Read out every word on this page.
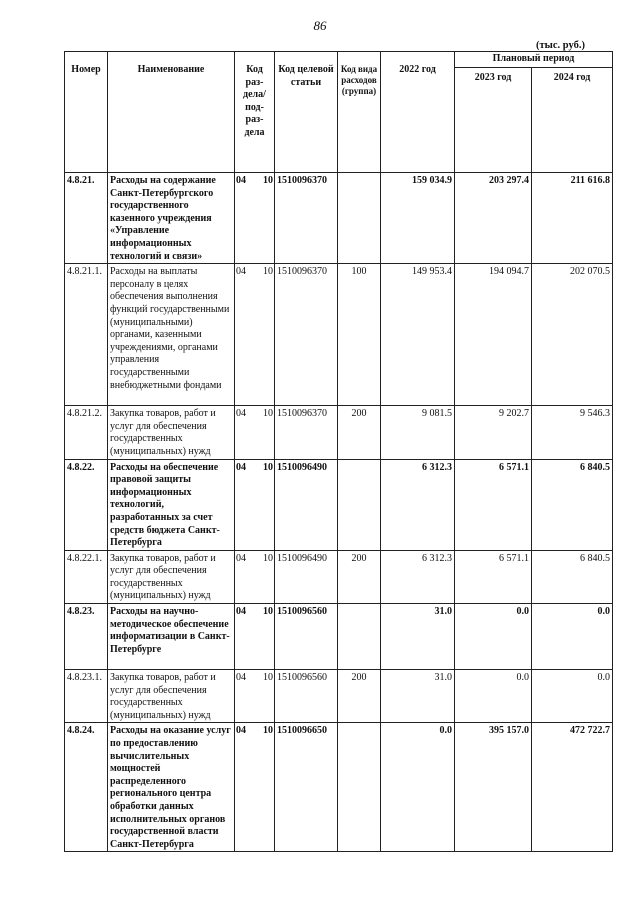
86
(тыс. руб.)
Номер	Наименование	Код раз-дела/ под-раз-дела	Код целевой статьи	Код вида расходов (группа)	2022 год	Плановый период	
						2023 год	2024 год
4.8.21.	Расходы на содержание Санкт-Петербургского государственного казенного учреждения «Управление информационных технологий и связи»	04 10	1510096370		159 034.9	203 297.4	211 616.8
4.8.21.1.	Расходы на выплаты персоналу в целях обеспечения выполнения функций государственными (муниципальными) органами, казенными учреждениями, органами управления государственными внебюджетными фондами	04 10	1510096370	100	149 953.4	194 094.7	202 070.5
4.8.21.2.	Закупка товаров, работ и услуг для обеспечения государственных (муниципальных) нужд	04 10	1510096370	200	9 081.5	9 202.7	9 546.3
4.8.22.	Расходы на обеспечение правовой защиты информационных технологий, разработанных за счет средств бюджета Санкт-Петербурга	04 10	1510096490		6 312.3	6 571.1	6 840.5
4.8.22.1.	Закупка товаров, работ и услуг для обеспечения государственных (муниципальных) нужд	04 10	1510096490	200	6 312.3	6 571.1	6 840.5
4.8.23.	Расходы на научно-методическое обеспечение информатизации в Санкт-Петербурге	04 10	1510096560		31.0	0.0	0.0
4.8.23.1.	Закупка товаров, работ и услуг для обеспечения государственных (муниципальных) нужд	04 10	1510096560	200	31.0	0.0	0.0
4.8.24.	Расходы на оказание услуг по предоставлению вычислительных мощностей распределенного регионального центра обработки данных исполнительных органов государственной власти Санкт-Петербурга	04 10	1510096650		0.0	395 157.0	472 722.7
